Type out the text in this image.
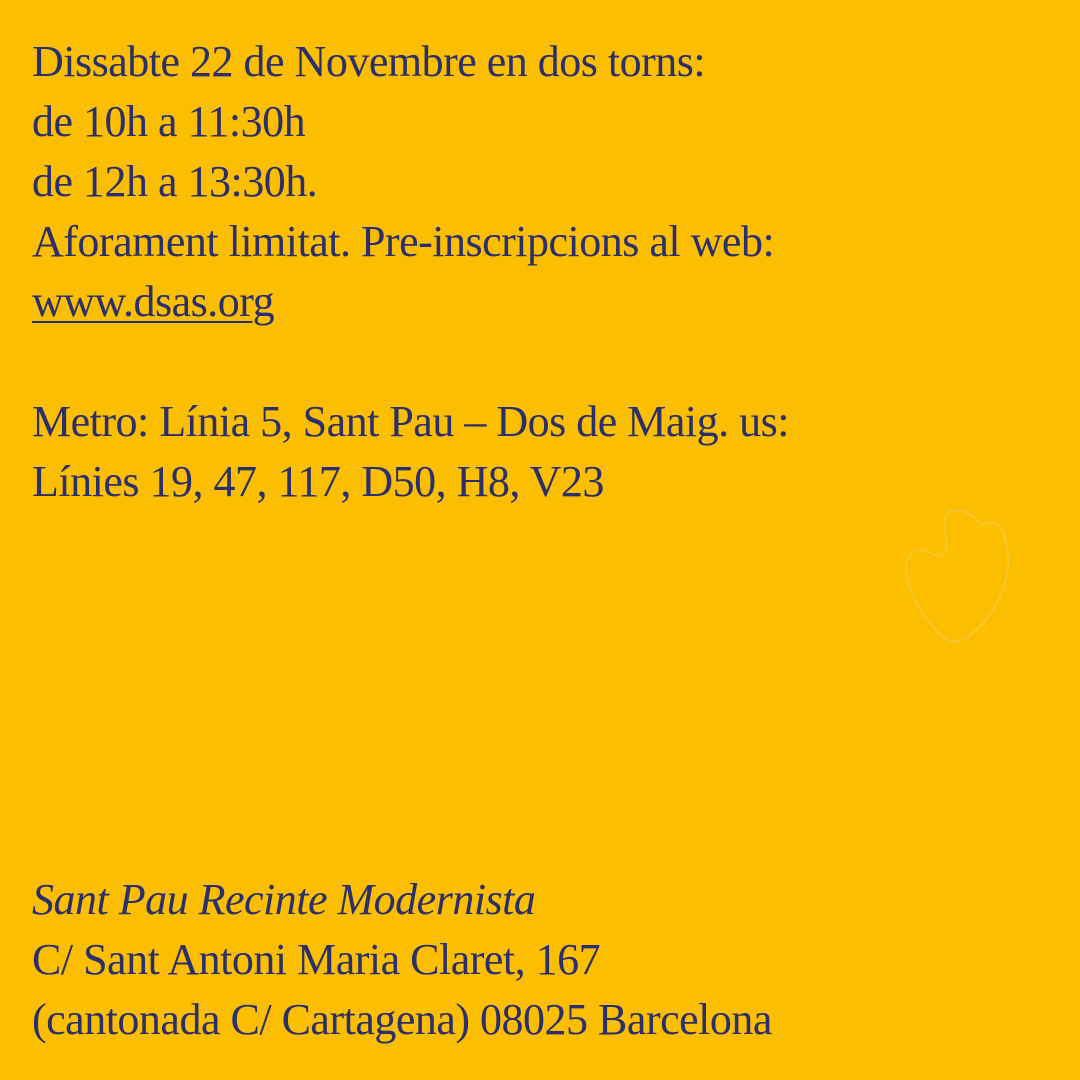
Dissabte 22 de Novembre en dos torns:
de 10h a 11:30h
de 12h a 13:30h.
Aforament limitat. Pre-inscripcions al web:
www.dsas.org
Metro: Línia 5, Sant Pau – Dos de Maig. us:
Línies 19, 47, 117, D50, H8, V23
Sant Pau Recinte Modernista
C/ Sant Antoni Maria Claret, 167
(cantonada C/ Cartagena) 08025 Barcelona
